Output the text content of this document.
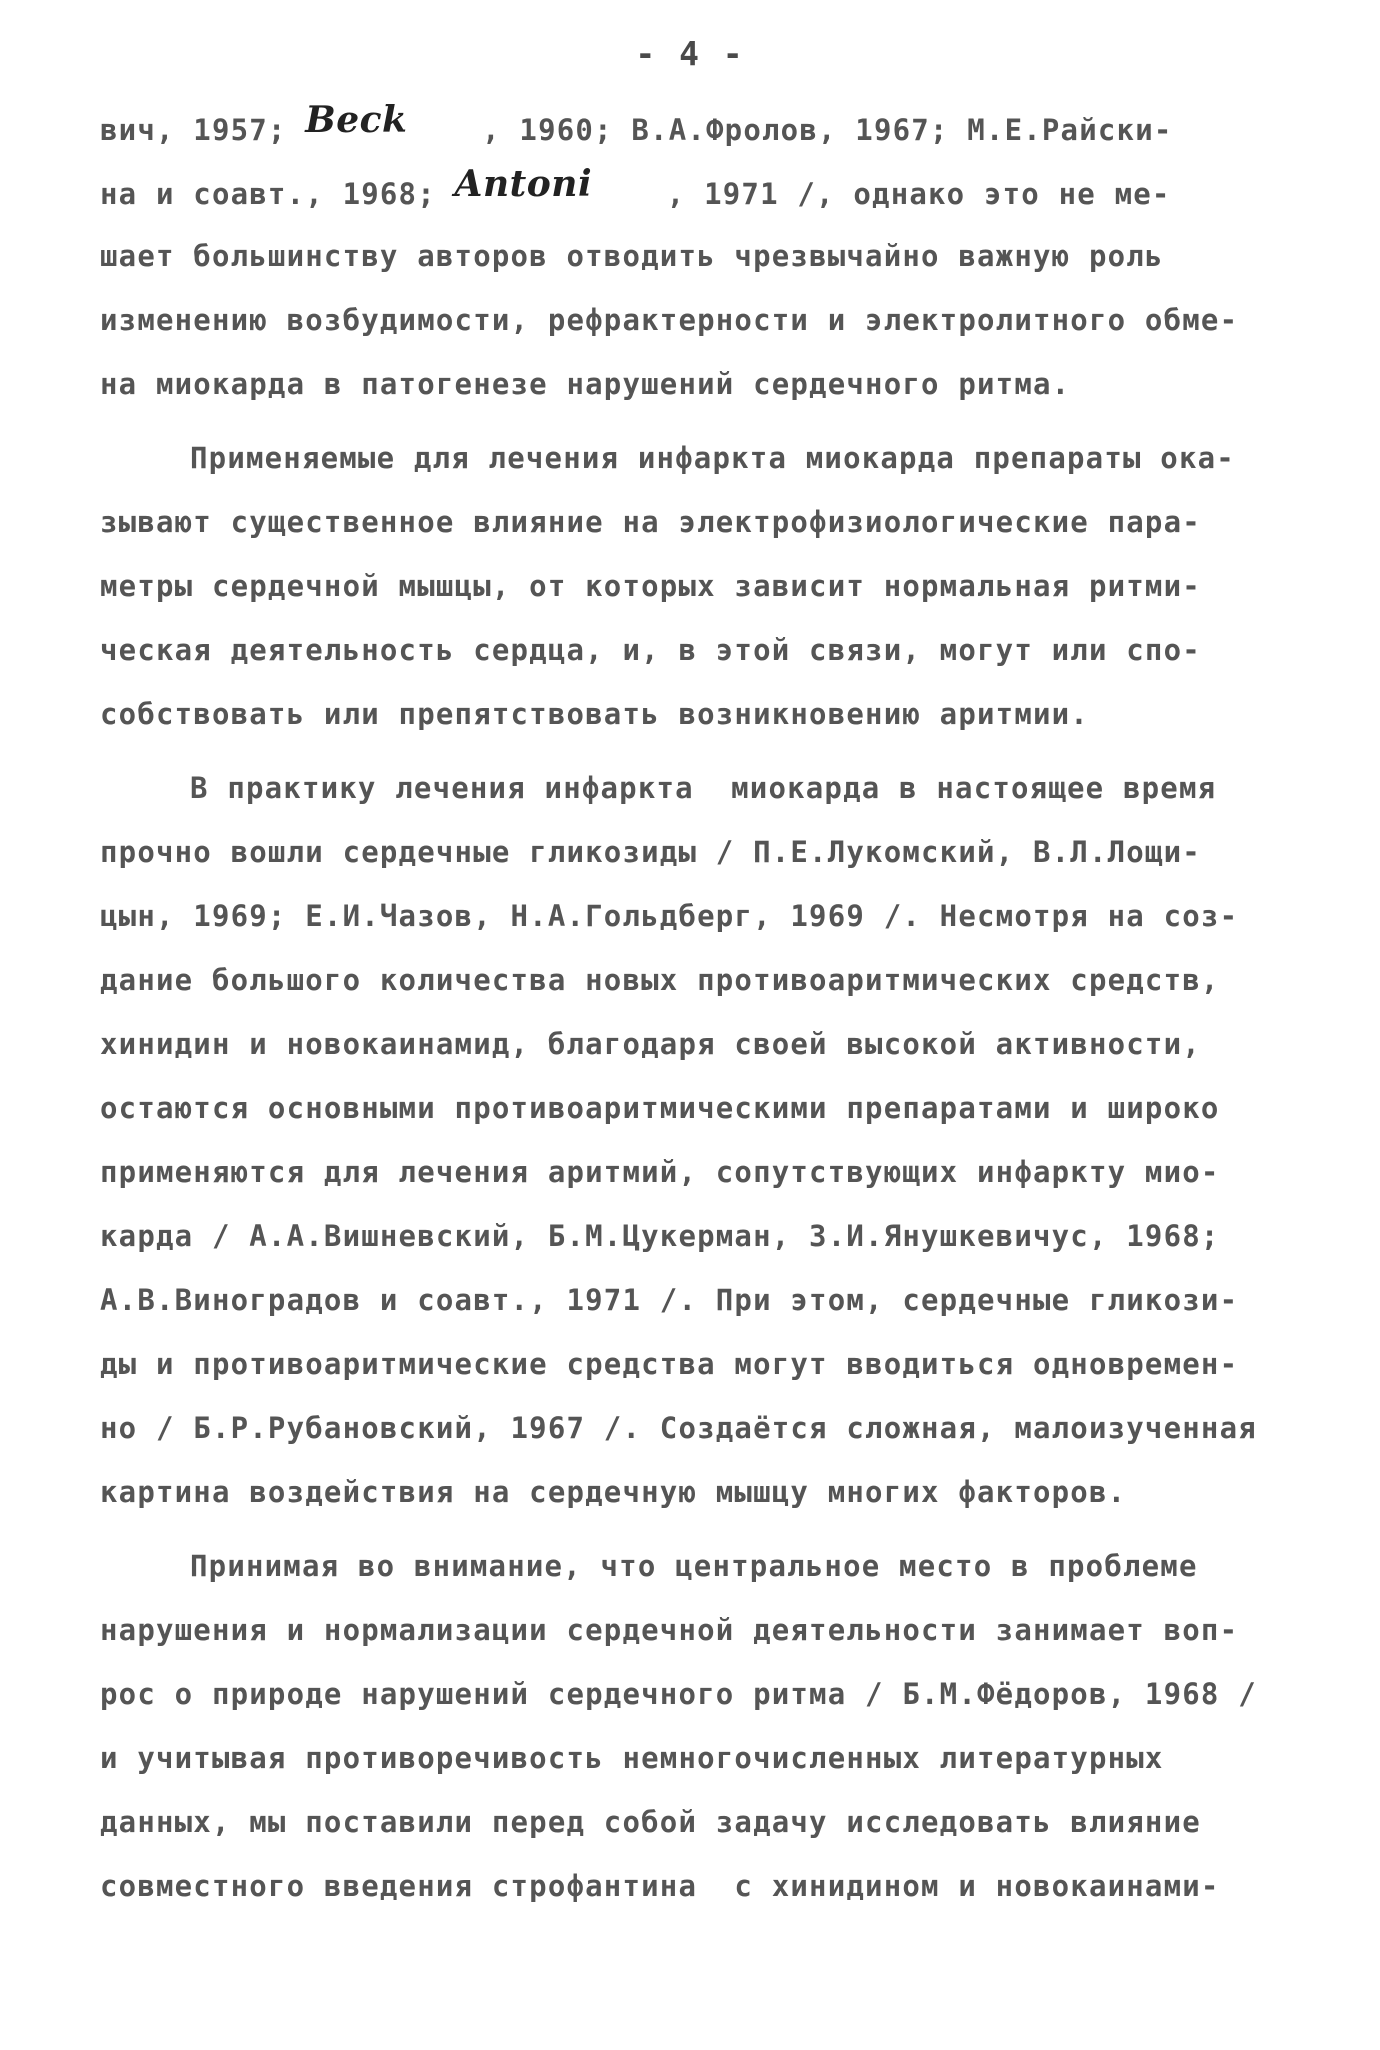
- 4 -
вич, 1957; Beck    , 1960; В.А.Фролов, 1967; М.Е.Райски-
на и соавт., 1968; Antoni    , 1971 /, однако это не ме-
шает большинству авторов отводить чрезвычайно важную роль
изменению возбудимости, рефрактерности и электролитного обме-
на миокарда в патогенезе нарушений сердечного ритма.
Применяемые для лечения инфаркта миокарда препараты ока-
зывают существенное влияние на электрофизиологические пара-
метры сердечной мышцы, от которых зависит нормальная ритми-
ческая деятельность сердца, и, в этой связи, могут или спо-
собствовать или препятствовать возникновению аритмии.
В практику лечения инфаркта  миокарда в настоящее время
прочно вошли сердечные гликозиды / П.Е.Лукомский, В.Л.Лощи-
цын, 1969; Е.И.Чазов, Н.А.Гольдберг, 1969 /. Несмотря на соз-
дание большого количества новых противоаритмических средств,
хинидин и новокаинамид, благодаря своей высокой активности,
остаются основными противоаритмическими препаратами и широко
применяются для лечения аритмий, сопутствующих инфаркту мио-
карда / А.А.Вишневский, Б.М.Цукерман, З.И.Янушкевичус, 1968;
А.В.Виноградов и соавт., 1971 /. При этом, сердечные гликози-
ды и противоаритмические средства могут вводиться одновремен-
но / Б.Р.Рубановский, 1967 /. Создаётся сложная, малоизученная
картина воздействия на сердечную мышцу многих факторов.
Принимая во внимание, что центральное место в проблеме
нарушения и нормализации сердечной деятельности занимает воп-
рос о природе нарушений сердечного ритма / Б.М.Фёдоров, 1968 /
и учитывая противоречивость немногочисленных литературных
данных, мы поставили перед собой задачу исследовать влияние
совместного введения строфантина  с хинидином и новокаинами-
